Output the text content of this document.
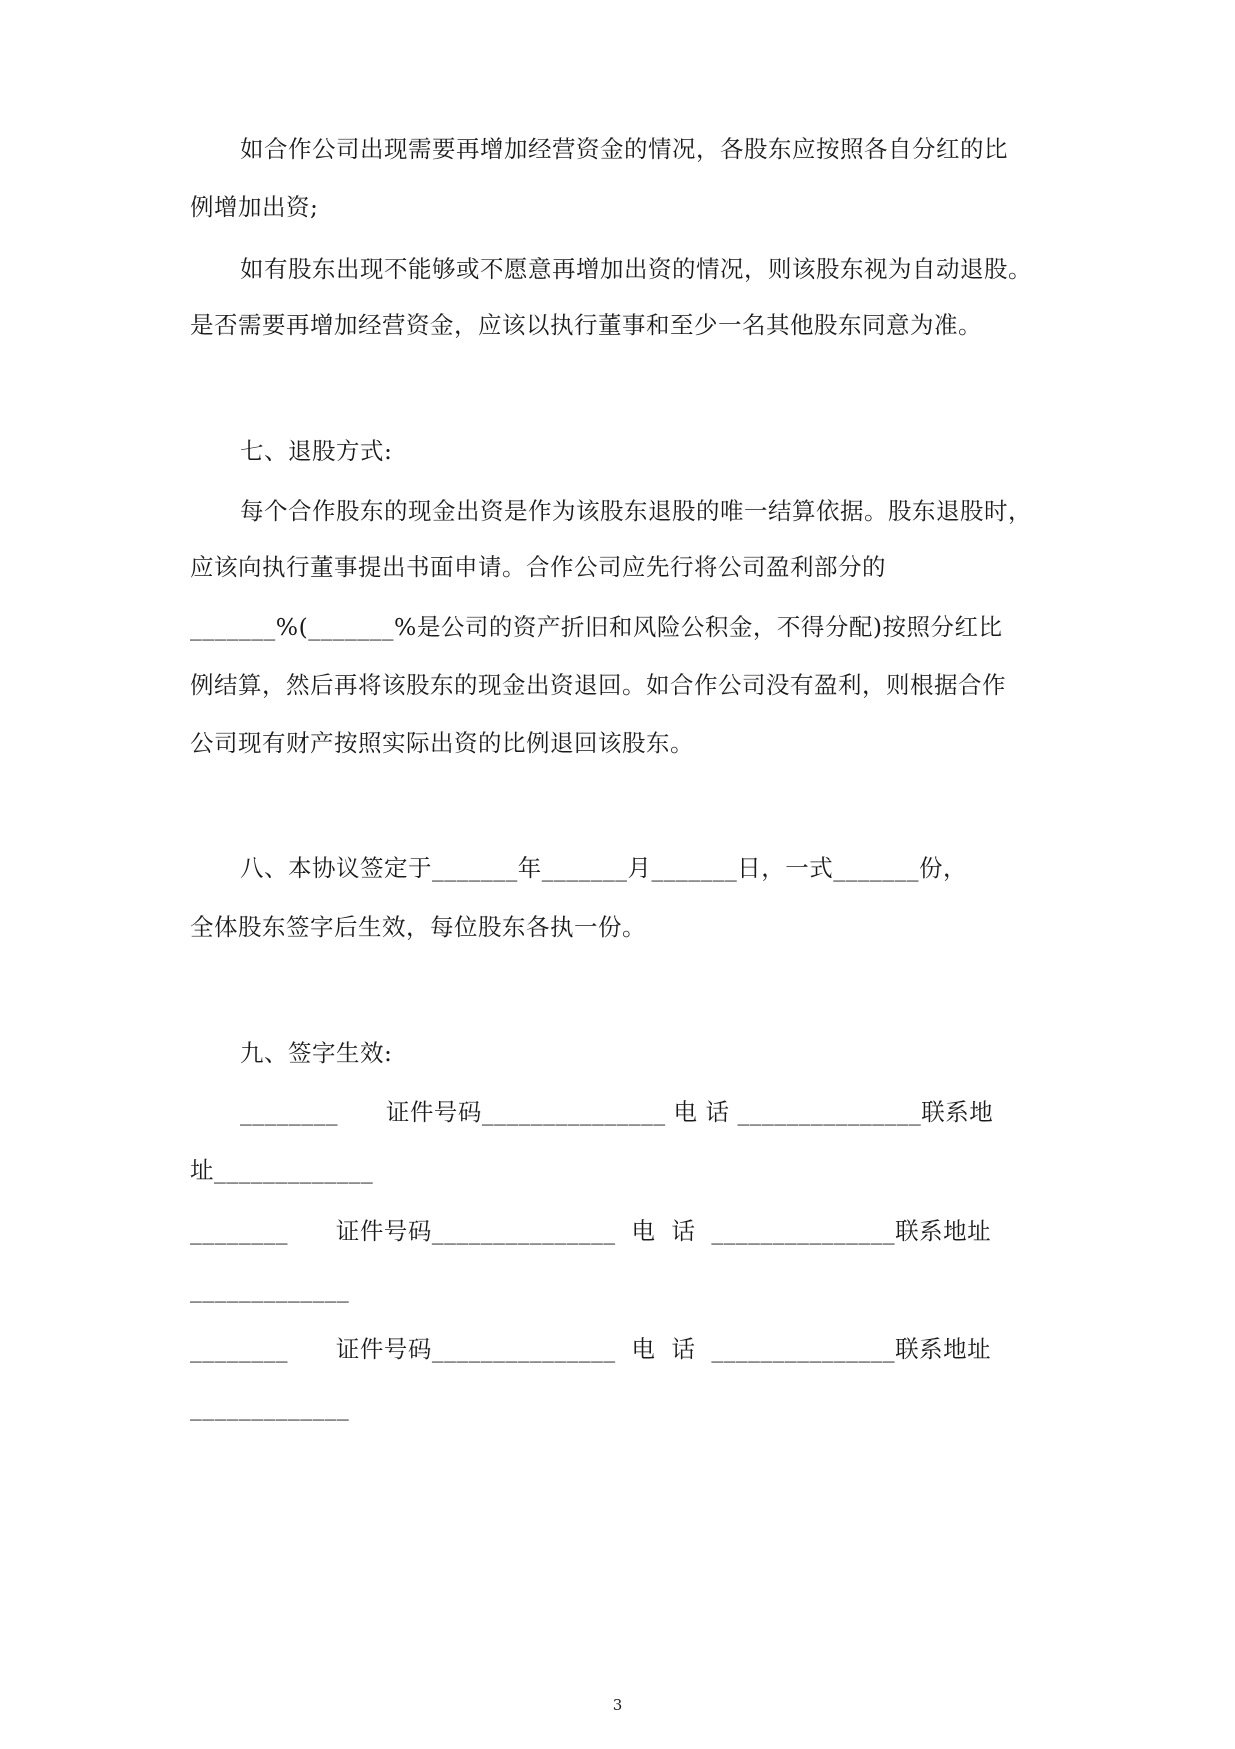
如合作公司出现需要再增加经营资金的情况，各股东应按照各自分红的比
例增加出资;
如有股东出现不能够或不愿意再增加出资的情况，则该股东视为自动退股。
是否需要再增加经营资金，应该以执行董事和至少一名其他股东同意为准。
七、退股方式:
每个合作股东的现金出资是作为该股东退股的唯一结算依据。股东退股时，
应该向执行董事提出书面申请。合作公司应先行将公司盈利部分的
_______%(_______%是公司的资产折旧和风险公积金，不得分配)按照分红比
例结算，然后再将该股东的现金出资退回。如合作公司没有盈利，则根据合作
公司现有财产按照实际出资的比例退回该股东。
八、本协议签定于_______年_______月_______日，一式_______份，
全体股东签字后生效，每位股东各执一份。
九、签字生效:
________      证件号码_______________ 电 话 _______________联系地
址_____________
________      证件号码_______________  电  话  _______________联系地址
_____________
________      证件号码_______________  电  话  _______________联系地址
_____________
3
